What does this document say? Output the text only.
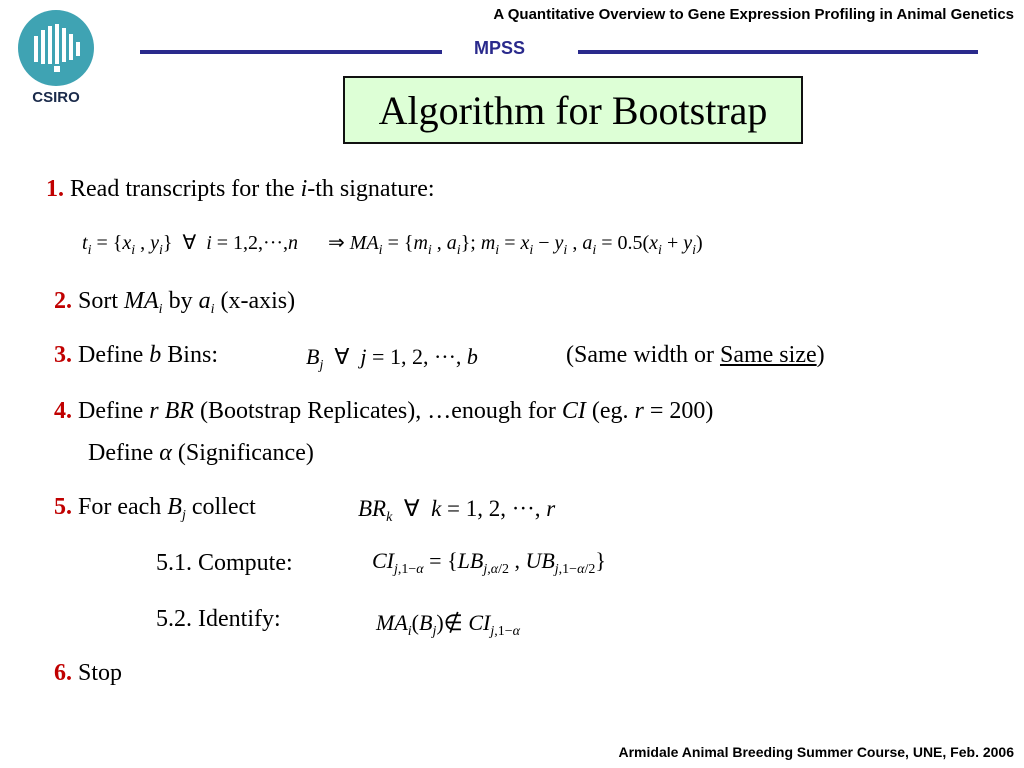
A Quantitative Overview to Gene Expression Profiling in Animal Genetics
MPSS
CSIRO	Algorithm for Bootstrap
1. Read transcripts for the i-th signature:
$t_i = \{x_i$ , $y_i$}  ∀  i = 1,2,···,n      ⇒ $MA_i = \{m_i$ , $a_i$}; $m_i = x_i - y_i$ , $a_i = 0.5(x_i + y_i)$
2. Sort $MA_i$ by $a_i$ (x-axis)
3. Define b Bins:	$B_j$  ∀  j = 1, 2, ···, b	(Same width or Same size)
4. Define r BR (Bootstrap Replicates), …enough for CI (eg. r = 200)
Define α (Significance)
5. For each $B_j$ collect	$BR_k$  ∀  k = 1, 2, ···, r
5.1. Compute:	$CI_{j,1-\alpha} = \{LB_{j,\alpha/2}$ , $UB_{j,1-\alpha/2}$}
5.2. Identify:	$MA_i(B_j)\notin$ $CI_{j,1-\alpha}$
6. Stop
Armidale Animal Breeding Summer Course, UNE, Feb. 2006
